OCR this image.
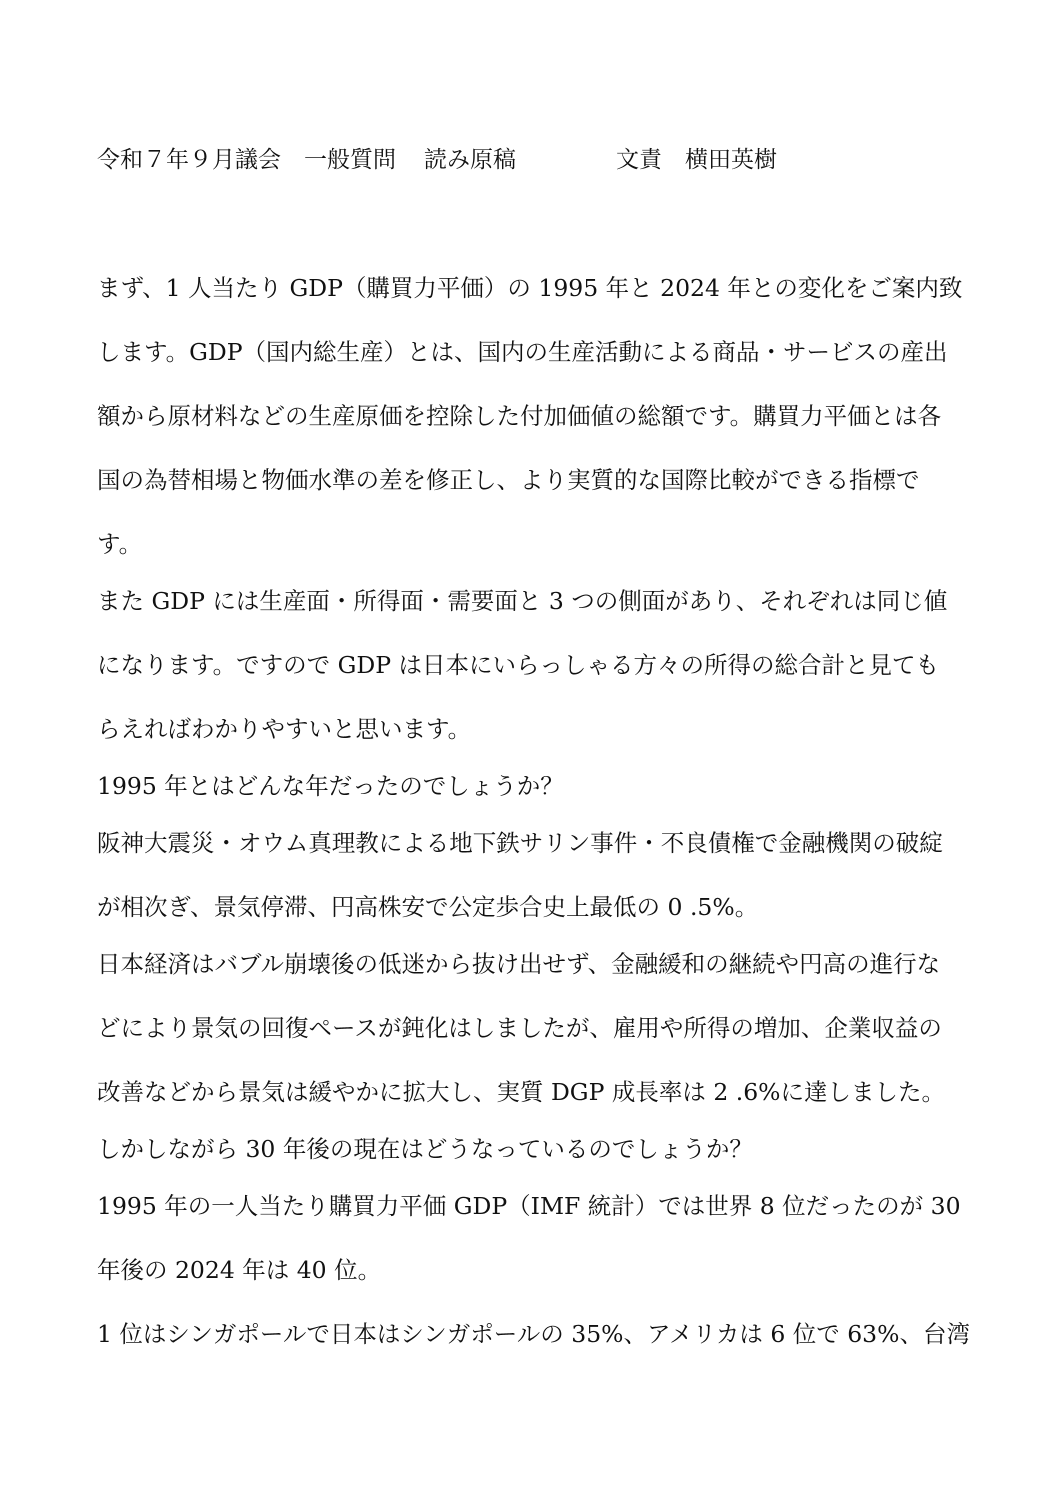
令和７年９月議会　一般質問 読み原稿	文責　横田英樹
まず、1 人当たり GDP（購買力平価）の 1995 年と 2024 年との変化をご案内致
します。GDP（国内総生産）とは、国内の生産活動による商品・サービスの産出
額から原材料などの生産原価を控除した付加価値の総額です。購買力平価とは各
国の為替相場と物価水準の差を修正し、より実質的な国際比較ができる指標で
す。
また GDP には生産面・所得面・需要面と 3 つの側面があり、それぞれは同じ値
になります。ですので GDP は日本にいらっしゃる方々の所得の総合計と見ても
らえればわかりやすいと思います。
1995 年とはどんな年だったのでしょうか？
阪神大震災・オウム真理教による地下鉄サリン事件・不良債権で金融機関の破綻
が相次ぎ、景気停滞、円高株安で公定歩合史上最低の 0 .5%。
日本経済はバブル崩壊後の低迷から抜け出せず、金融緩和の継続や円高の進行な
どにより景気の回復ペースが鈍化はしましたが、雇用や所得の増加、企業収益の
改善などから景気は緩やかに拡大し、実質 DGP 成長率は 2 .6%に達しました。
しかしながら 30 年後の現在はどうなっているのでしょうか？
1995 年の一人当たり購買力平価 GDP（IMF 統計）では世界 8 位だったのが 30
年後の 2024 年は 40 位。
1 位はシンガポールで日本はシンガポールの 35%、アメリカは 6 位で 63%、台湾
